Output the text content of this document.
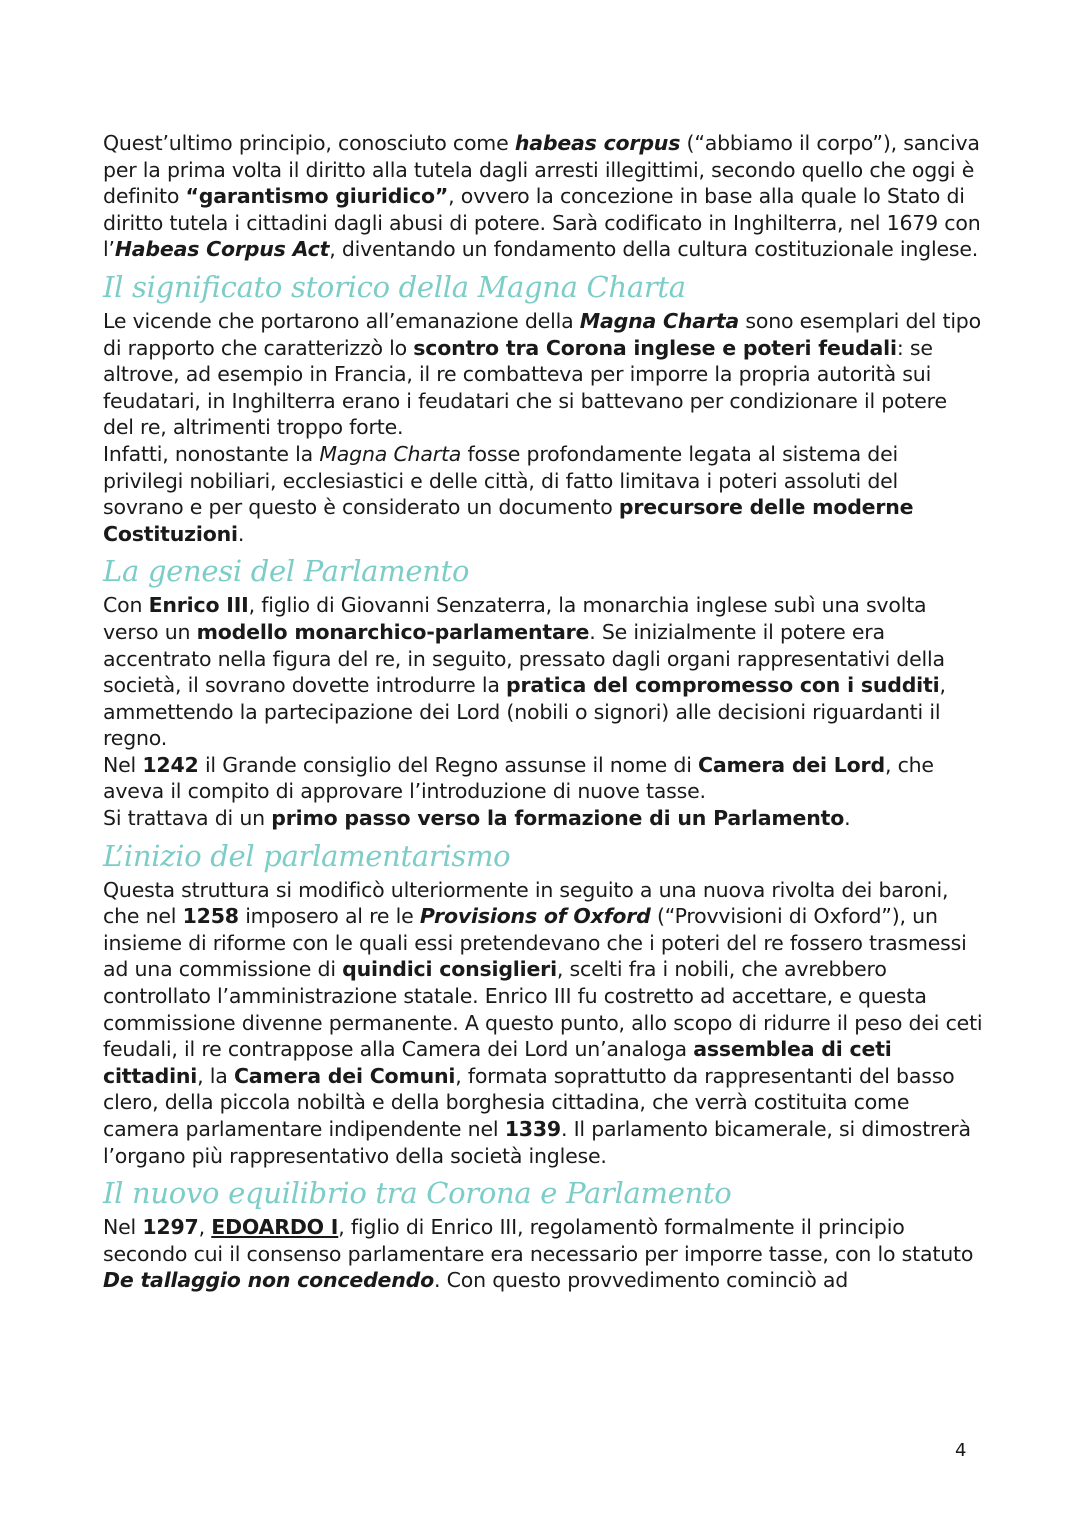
Quest’ultimo principio, conosciuto come habeas corpus (“abbiamo il corpo”), sanciva per la prima volta il diritto alla tutela dagli arresti illegittimi, secondo quello che oggi è definito “garantismo giuridico”, ovvero la concezione in base alla quale lo Stato di diritto tutela i cittadini dagli abusi di potere. Sarà codificato in Inghilterra, nel 1679 con l’Habeas Corpus Act, diventando un fondamento della cultura costituzionale inglese.

Il significato storico della Magna Charta

Le vicende che portarono all’emanazione della Magna Charta sono esemplari del tipo di rapporto che caratterizzò lo scontro tra Corona inglese e poteri feudali: se altrove, ad esempio in Francia, il re combatteva per imporre la propria autorità sui feudatari, in Inghilterra erano i feudatari che si battevano per condizionare il potere del re, altrimenti troppo forte.

Infatti, nonostante la Magna Charta fosse profondamente legata al sistema dei privilegi nobiliari, ecclesiastici e delle città, di fatto limitava i poteri assoluti del sovrano e per questo è considerato un documento precursore delle moderne Costituzioni.

La genesi del Parlamento

Con Enrico III, figlio di Giovanni Senzaterra, la monarchia inglese subì una svolta verso un modello monarchico-parlamentare. Se inizialmente il potere era accentrato nella figura del re, in seguito, pressato dagli organi rappresentativi della società, il sovrano dovette introdurre la pratica del compromesso con i sudditi, ammettendo la partecipazione dei Lord (nobili o signori) alle decisioni riguardanti il regno.

Nel 1242 il Grande consiglio del Regno assunse il nome di Camera dei Lord, che aveva il compito di approvare l’introduzione di nuove tasse.

Si trattava di un primo passo verso la formazione di un Parlamento.

L’inizio del parlamentarismo

Questa struttura si modificò ulteriormente in seguito a una nuova rivolta dei baroni, che nel 1258 imposero al re le Provisions of Oxford (“Provvisioni di Oxford”), un insieme di riforme con le quali essi pretendevano che i poteri del re fossero trasmessi ad una commissione di quindici consiglieri, scelti fra i nobili, che avrebbero controllato l’amministrazione statale. Enrico III fu costretto ad accettare, e questa commissione divenne permanente. A questo punto, allo scopo di ridurre il peso dei ceti feudali, il re contrappose alla Camera dei Lord un’analoga assemblea di ceti cittadini, la Camera dei Comuni, formata soprattutto da rappresentanti del basso clero, della piccola nobiltà e della borghesia cittadina, che verrà costituita come camera parlamentare indipendente nel 1339. Il parlamento bicamerale, si dimostrerà l’organo più rappresentativo della società inglese.

Il nuovo equilibrio tra Corona e Parlamento

Nel 1297, EDOARDO I, figlio di Enrico III, regolamentò formalmente il principio secondo cui il consenso parlamentare era necessario per imporre tasse, con lo statuto De tallaggio non concedendo. Con questo provvedimento cominciò ad

4
